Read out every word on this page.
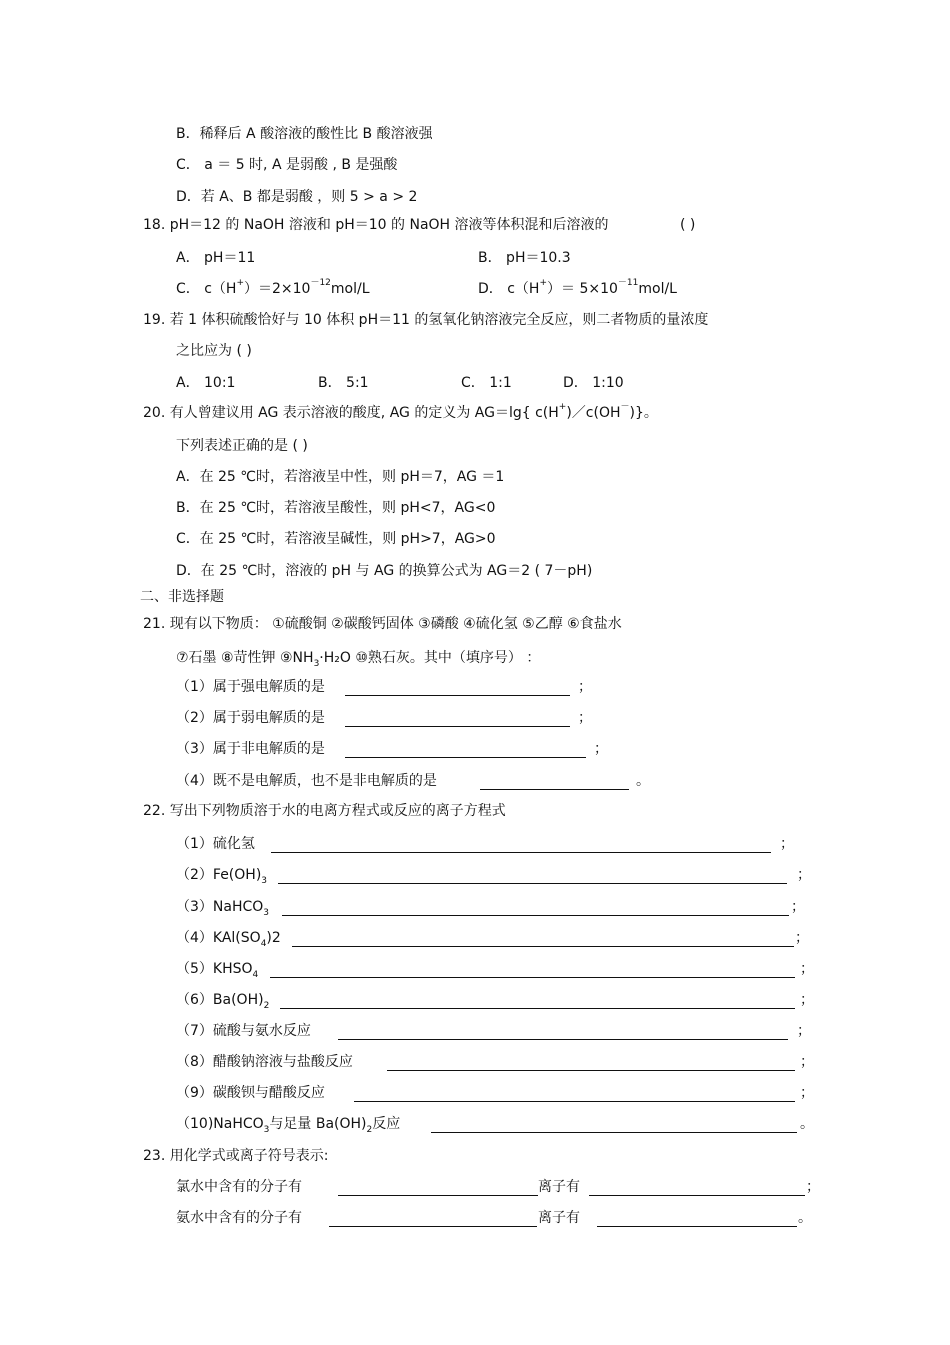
B．稀释后 A 酸溶液的酸性比 B 酸溶液强
C． a ＝ 5 时, A 是弱酸 , B 是强酸
D．若 A、B 都是弱酸 ，则 5 > a > 2
18. pH＝12 的 NaOH 溶液和 pH＝10 的 NaOH 溶液等体积混和后溶液的	( )
A． pH＝11	B． pH＝10.3
C． $c(H^+)=2\times 10^{-12}mol/L$	D． $c(H^+)= 5\times 10^{-11}mol/L$
19. 若 1 体积硫酸恰好与 10 体积 pH＝11 的氢氧化钠溶液完全反应，则二者物质的量浓度
之比应为 ( )
A． 10:1	B． 5:1	C． 1:1	D． 1:10
20. 有人曾建议用 AG 表示溶液的酸度, AG 的定义为 AG＝lg{ c(H+)／c(OH－)}。
下列表述正确的是 ( )
A．在 25 ℃时，若溶液呈中性，则 pH＝7，AG ＝1
B．在 25 ℃时，若溶液呈酸性，则 pH<7，AG<0
C．在 25 ℃时，若溶液呈碱性，则 pH>7，AG>0
D．在 25 ℃时，溶液的 pH 与 AG 的换算公式为 AG＝2 ( 7－pH)
二、非选择题
21. 现有以下物质： ①硫酸铜 ②碳酸钙固体 ③磷酸 ④硫化氢 ⑤乙醇 ⑥食盐水
⑦石墨 ⑧苛性钾 $⑨NH_3\cdot H_2O$ ⑩熟石灰。其中（填序号） ：
（1）属于强电解质的是	；
（2）属于弱电解质的是	；
（3）属于非电解质的是	；
（4）既不是电解质，也不是非电解质的是	。
22. 写出下列物质溶于水的电离方程式或反应的离子方程式
（1）硫化氢	；
$(2)Fe(OH)_3$	；
（3）NaHCO$_3$	；
$(4)KAl(SO_4)2$	；
$(5)KHSO_4$	；
$(6)Ba(OH)_2$	；
（7）硫酸与氨水反应	；
（8）醋酸钠溶液与盐酸反应	；
（9）碳酸钡与醋酸反应	；
（10)NaHCO$_3$与足量 $Ba(OH)_2$反应	。
23. 用化学式或离子符号表示:
氯水中含有的分子有	离子有	；
氨水中含有的分子有	离子有	。
